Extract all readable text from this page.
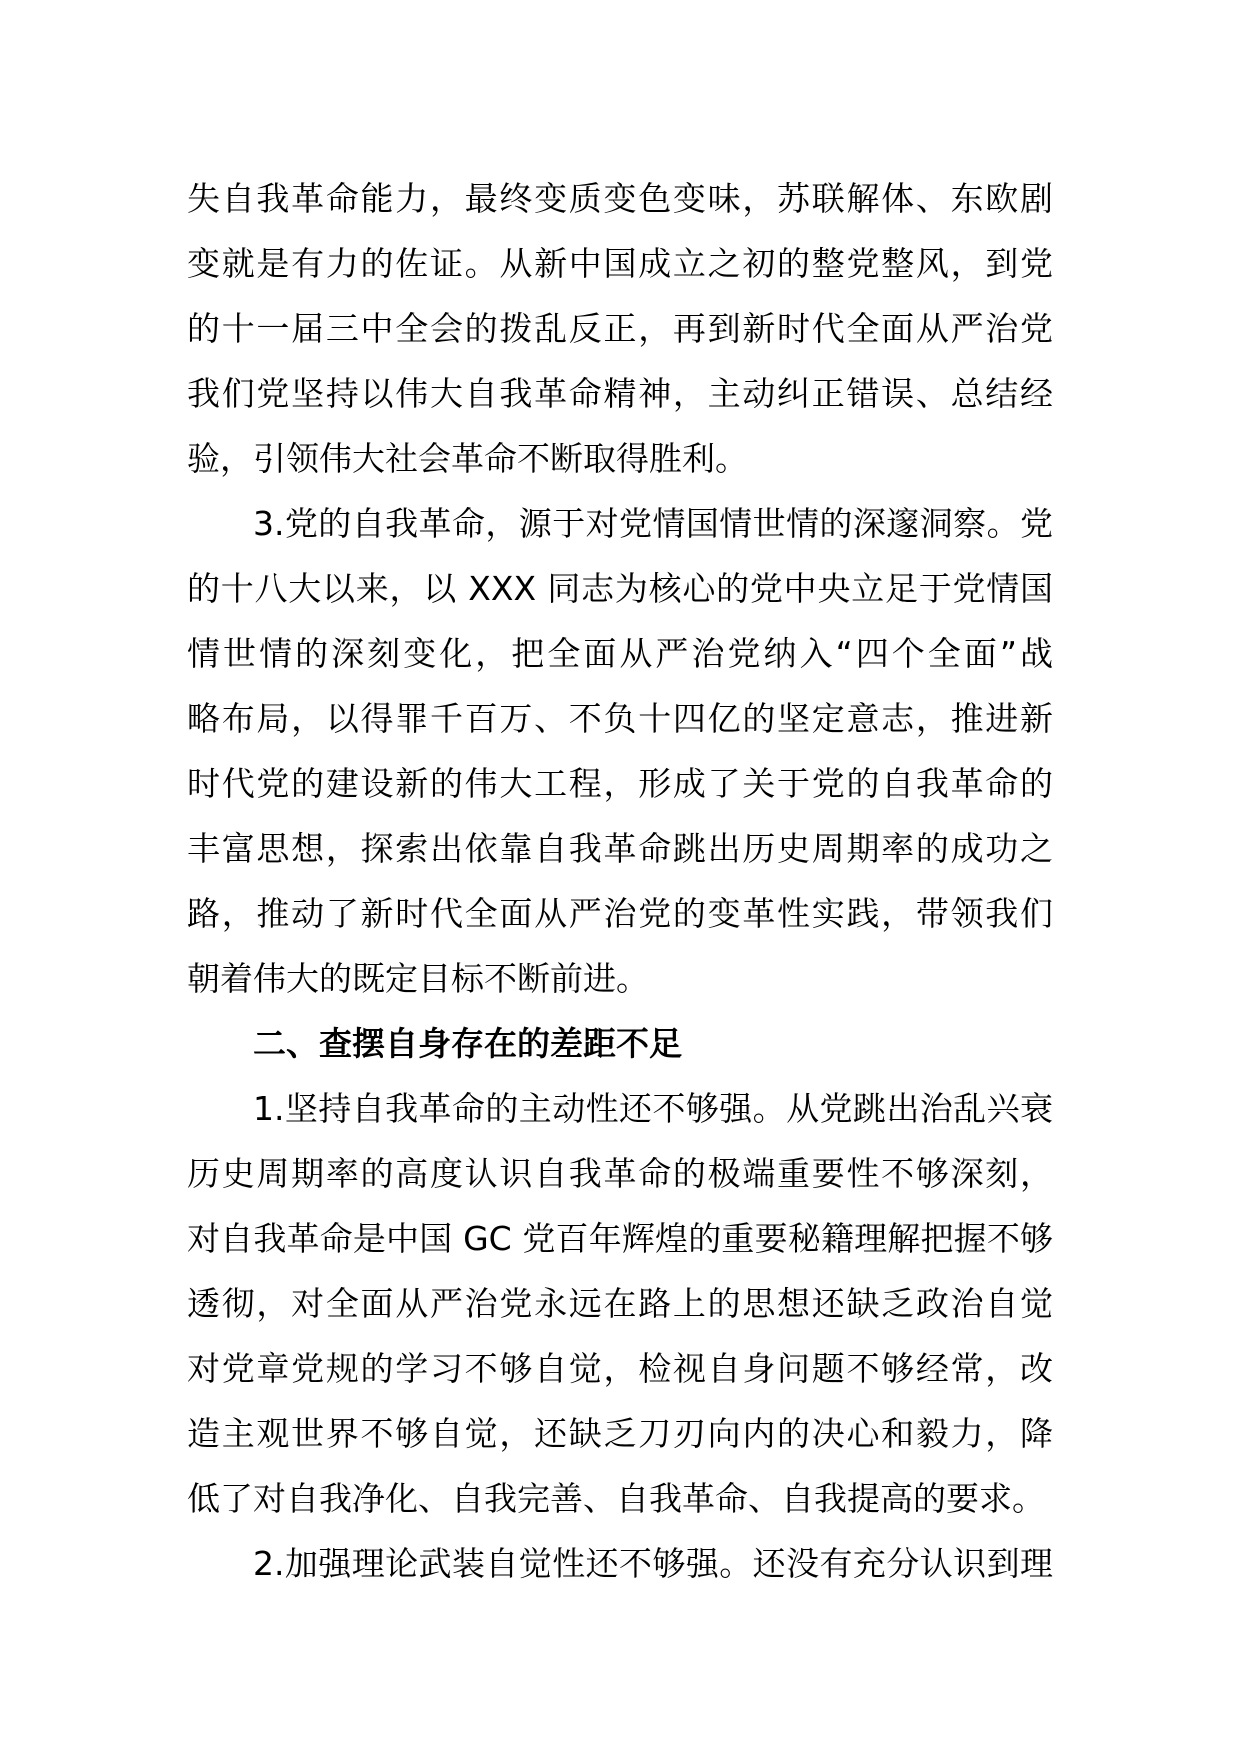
失自我革命能力，最终变质变色变味，苏联解体、东欧剧
变就是有力的佐证。从新中国成立之初的整党整风，到党
的十一届三中全会的拨乱反正，再到新时代全面从严治党
我们党坚持以伟大自我革命精神，主动纠正错误、总结经
验，引领伟大社会革命不断取得胜利。
3.党的自我革命，源于对党情国情世情的深邃洞察。党
的十八大以来，以 XXX 同志为核心的党中央立足于党情国
情世情的深刻变化，把全面从严治党纳入“四个全面”战
略布局，以得罪千百万、不负十四亿的坚定意志，推进新
时代党的建设新的伟大工程，形成了关于党的自我革命的
丰富思想，探索出依靠自我革命跳出历史周期率的成功之
路，推动了新时代全面从严治党的变革性实践，带领我们
朝着伟大的既定目标不断前进。
二、查摆自身存在的差距不足
1.坚持自我革命的主动性还不够强。从党跳出治乱兴衰
历史周期率的高度认识自我革命的极端重要性不够深刻，
对自我革命是中国 GC 党百年辉煌的重要秘籍理解把握不够
透彻，对全面从严治党永远在路上的思想还缺乏政治自觉
对党章党规的学习不够自觉，检视自身问题不够经常，改
造主观世界不够自觉，还缺乏刀刃向内的决心和毅力，降
低了对自我净化、自我完善、自我革命、自我提高的要求。
2.加强理论武装自觉性还不够强。还没有充分认识到理
